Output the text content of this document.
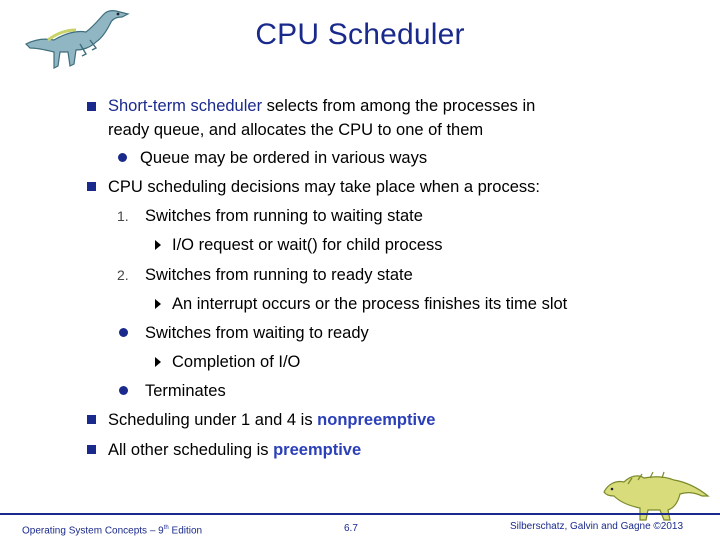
CPU Scheduler
Short-term scheduler selects from among the processes in
ready queue, and allocates the CPU to one of them
Queue may be ordered in various ways
CPU scheduling decisions may take place when a process:
1. Switches from running to waiting state
I/O request or wait() for child process
2. Switches from running to ready state
An interrupt occurs or the process finishes its time slot
Switches from waiting to ready
Completion of I/O
Terminates
Scheduling under 1 and 4 is nonpreemptive
All other scheduling is preemptive
Operating System Concepts – 9th Edition	6.7	Silberschatz, Galvin and Gagne ©2013
